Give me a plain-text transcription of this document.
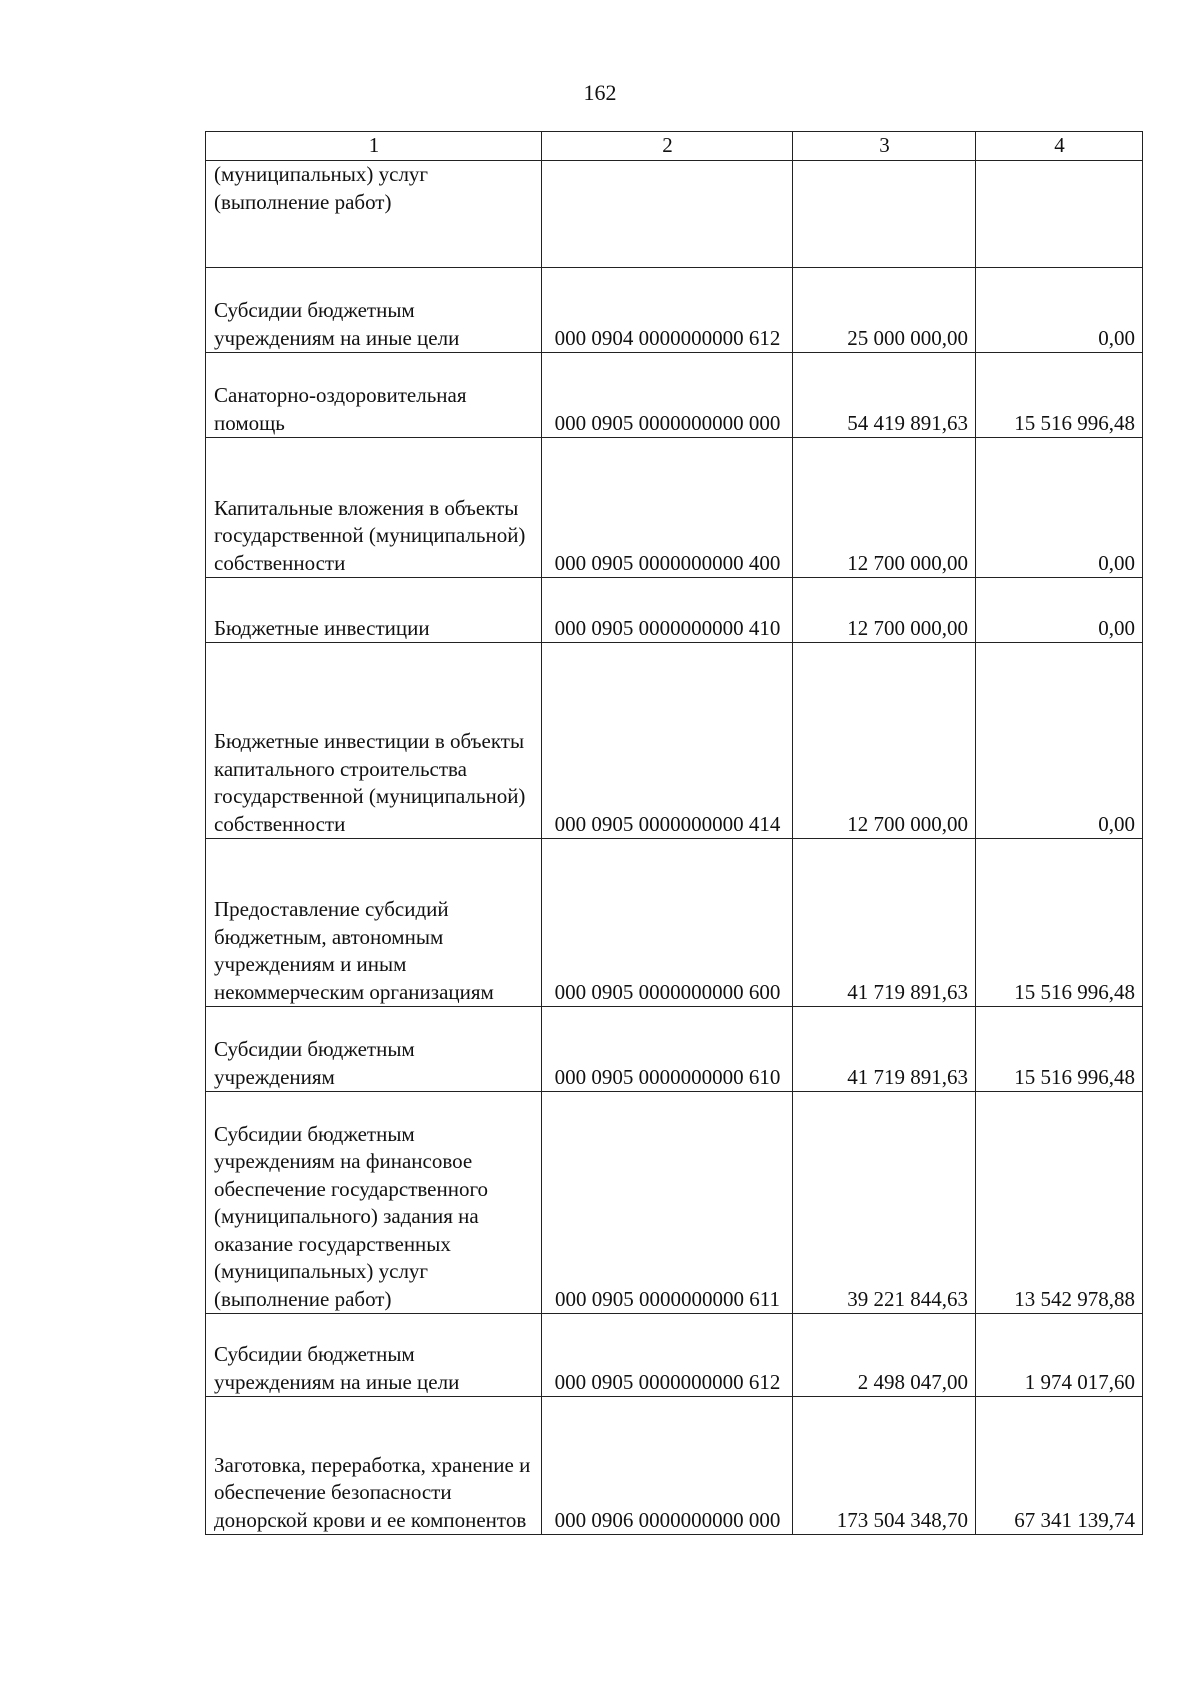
162
1	2	3	4
(муниципальных) услуг (выполнение работ)			
Субсидии бюджетным учреждениям на иные цели	000 0904 0000000000 612	25 000 000,00	0,00
Санаторно-оздоровительная помощь	000 0905 0000000000 000	54 419 891,63	15 516 996,48
Капитальные вложения в объекты государственной (муниципальной) собственности	000 0905 0000000000 400	12 700 000,00	0,00
Бюджетные инвестиции	000 0905 0000000000 410	12 700 000,00	0,00
Бюджетные инвестиции в объекты капитального строительства государственной (муниципальной) собственности	000 0905 0000000000 414	12 700 000,00	0,00
Предоставление субсидий бюджетным, автономным учреждениям и иным некоммерческим организациям	000 0905 0000000000 600	41 719 891,63	15 516 996,48
Субсидии бюджетным учреждениям	000 0905 0000000000 610	41 719 891,63	15 516 996,48
Субсидии бюджетным учреждениям на финансовое обеспечение государственного (муниципального) задания на оказание государственных (муниципальных) услуг (выполнение работ)	000 0905 0000000000 611	39 221 844,63	13 542 978,88
Субсидии бюджетным учреждениям на иные цели	000 0905 0000000000 612	2 498 047,00	1 974 017,60
Заготовка, переработка, хранение и обеспечение безопасности донорской крови и ее компонентов	000 0906 0000000000 000	173 504 348,70	67 341 139,74
